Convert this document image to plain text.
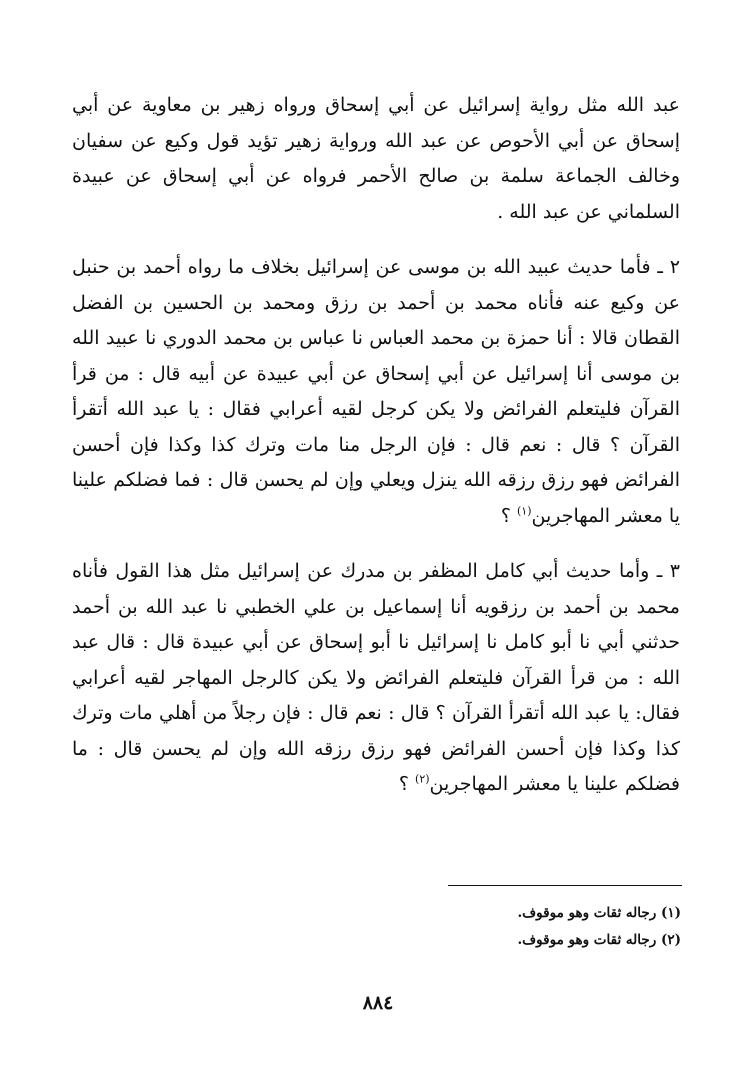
عبد الله مثل رواية إسرائيل عن أبي إسحاق ورواه زهير بن معاوية عن أبي إسحاق عن أبي الأحوص عن عبد الله ورواية زهير تؤيد قول وكيع عن سفيان وخالف الجماعة سلمة بن صالح الأحمر فرواه عن أبي إسحاق عن عبيدة السلماني عن عبد الله .

٢ ـ فأما حديث عبيد الله بن موسى عن إسرائيل بخلاف ما رواه أحمد بن حنبل عن وكيع عنه فأناه محمد بن أحمد بن رزق ومحمد بن الحسين بن الفضل القطان قالا : أنا حمزة بن محمد العباس نا عباس بن محمد الدوري نا عبيد الله بن موسى أنا إسرائيل عن أبي إسحاق عن أبي عبيدة عن أبيه قال : من قرأ القرآن فليتعلم الفرائض ولا يكن كرجل لقيه أعرابي فقال : يا عبد الله أتقرأ القرآن ؟ قال : نعم قال : فإن الرجل منا مات وترك كذا وكذا فإن أحسن الفرائض فهو رزق رزقه الله ينزل ويعلي وإن لم يحسن قال : فما فضلكم علينا يا معشر المهاجرين$^{(١)}$ ؟

٣ ـ وأما حديث أبي كامل المظفر بن مدرك عن إسرائيل مثل هذا القول فأناه محمد بن أحمد بن رزقويه أنا إسماعيل بن علي الخطبي نا عبد الله بن أحمد حدثني أبي نا أبو كامل نا إسرائيل نا أبو إسحاق عن أبي عبيدة قال : قال عبد الله : من قرأ القرآن فليتعلم الفرائض ولا يكن كالرجل المهاجر لقيه أعرابي فقال: يا عبد الله أتقرأ القرآن ؟ قال : نعم قال : فإن رجلاً من أهلي مات وترك كذا وكذا فإن أحسن الفرائض فهو رزق رزقه الله وإن لم يحسن قال : ما فضلكم علينا يا معشر المهاجرين$^{(٢)}$ ؟

(١) رجاله ثقات وهو موقوف.

(٢) رجاله ثقات وهو موقوف.

٨٨٤
